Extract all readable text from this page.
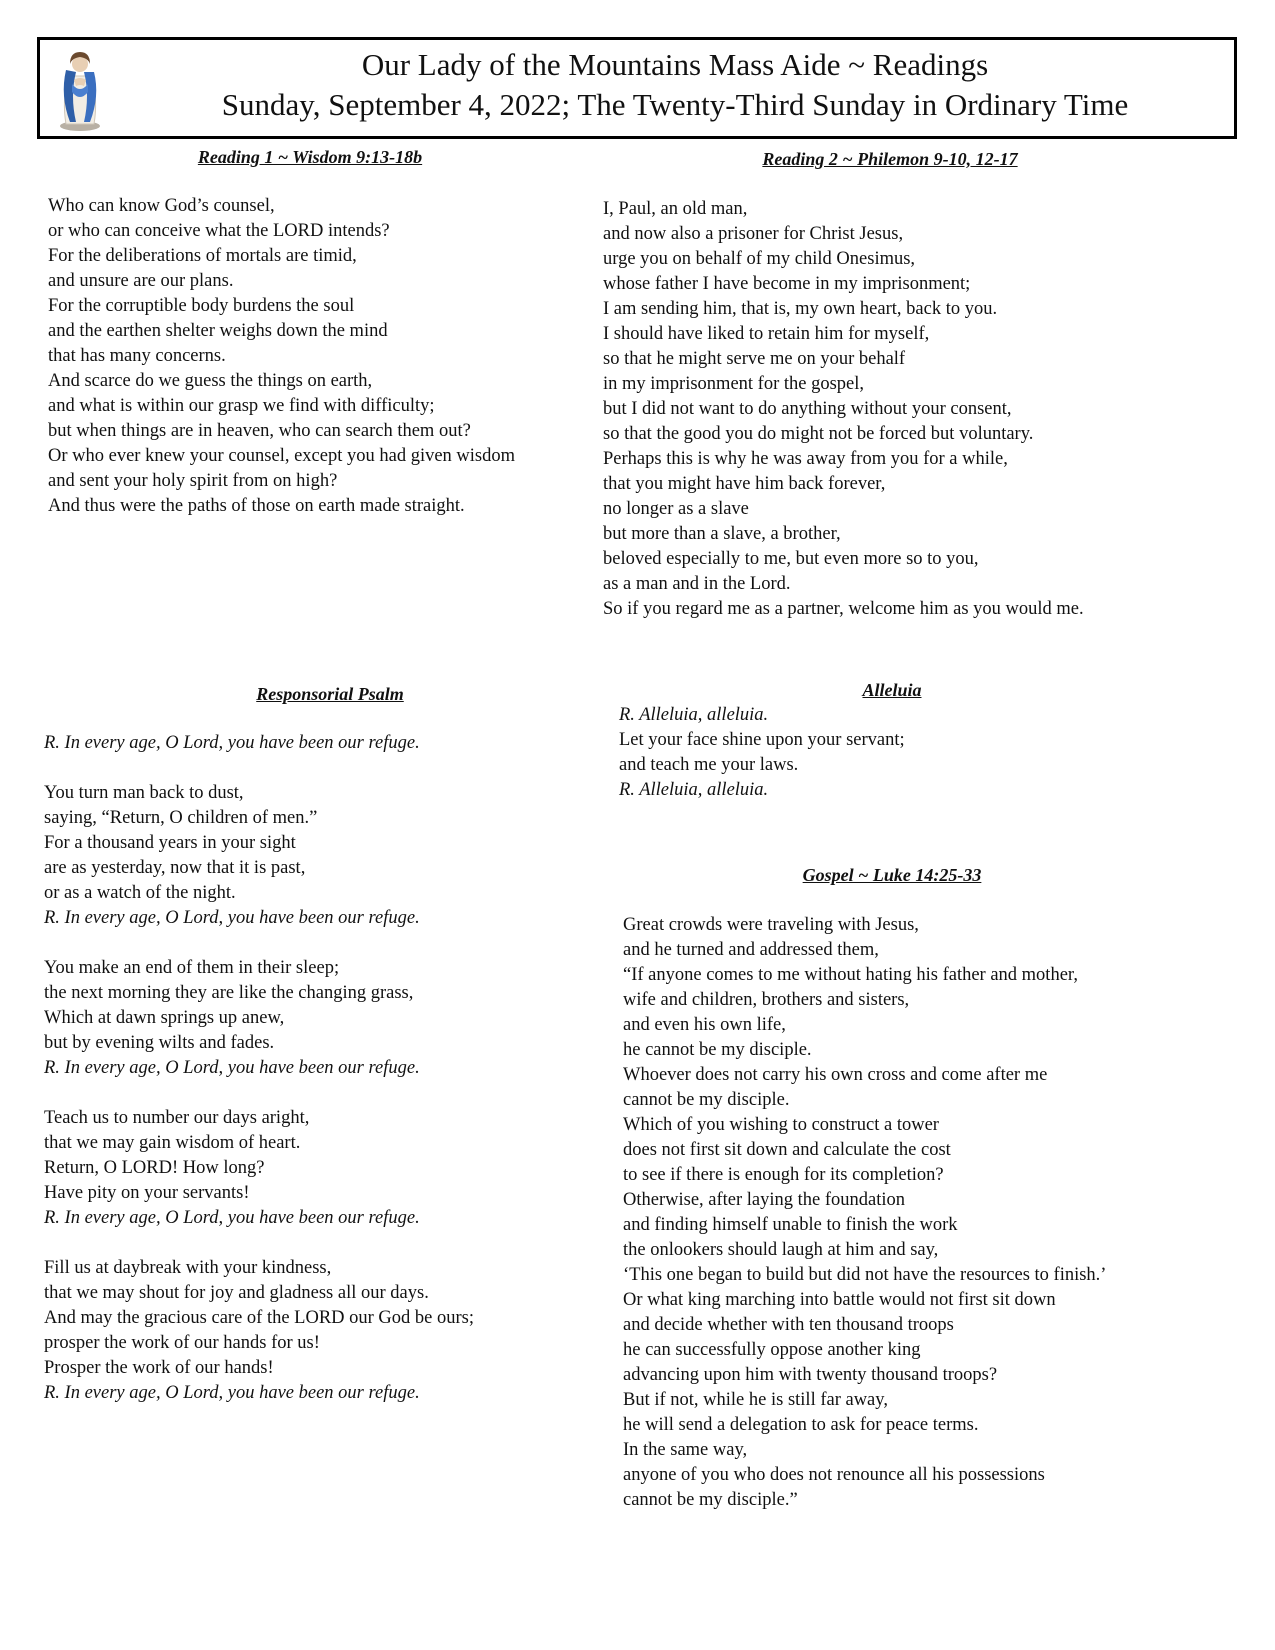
Our Lady of the Mountains Mass Aide ~ Readings
Sunday, September 4, 2022; The Twenty-Third Sunday in Ordinary Time
Reading 1 ~ Wisdom 9:13-18b
Who can know God’s counsel,
or who can conceive what the LORD intends?
For the deliberations of mortals are timid,
and unsure are our plans.
For the corruptible body burdens the soul
and the earthen shelter weighs down the mind
that has many concerns.
And scarce do we guess the things on earth,
and what is within our grasp we find with difficulty;
but when things are in heaven, who can search them out?
Or who ever knew your counsel, except you had given wisdom
and sent your holy spirit from on high?
And thus were the paths of those on earth made straight.
Reading 2 ~ Philemon 9-10, 12-17
I, Paul, an old man,
and now also a prisoner for Christ Jesus,
urge you on behalf of my child Onesimus,
whose father I have become in my imprisonment;
I am sending him, that is, my own heart, back to you.
I should have liked to retain him for myself,
so that he might serve me on your behalf
in my imprisonment for the gospel,
but I did not want to do anything without your consent,
so that the good you do might not be forced but voluntary.
Perhaps this is why he was away from you for a while,
that you might have him back forever,
no longer as a slave
but more than a slave, a brother,
beloved especially to me, but even more so to you,
as a man and in the Lord.
So if you regard me as a partner, welcome him as you would me.
Responsorial Psalm
R. In every age, O Lord, you have been our refuge.
You turn man back to dust,
saying, “Return, O children of men.”
For a thousand years in your sight
are as yesterday, now that it is past,
or as a watch of the night.
R. In every age, O Lord, you have been our refuge.
You make an end of them in their sleep;
the next morning they are like the changing grass,
Which at dawn springs up anew,
but by evening wilts and fades.
R. In every age, O Lord, you have been our refuge.
Teach us to number our days aright,
that we may gain wisdom of heart.
Return, O LORD! How long?
Have pity on your servants!
R. In every age, O Lord, you have been our refuge.
Fill us at daybreak with your kindness,
that we may shout for joy and gladness all our days.
And may the gracious care of the LORD our God be ours;
prosper the work of our hands for us!
Prosper the work of our hands!
R. In every age, O Lord, you have been our refuge.
Alleluia
R. Alleluia, alleluia.
Let your face shine upon your servant;
and teach me your laws.
R. Alleluia, alleluia.
Gospel ~ Luke 14:25-33
Great crowds were traveling with Jesus,
and he turned and addressed them,
“If anyone comes to me without hating his father and mother,
wife and children, brothers and sisters,
and even his own life,
he cannot be my disciple.
Whoever does not carry his own cross and come after me
cannot be my disciple.
Which of you wishing to construct a tower
does not first sit down and calculate the cost
to see if there is enough for its completion?
Otherwise, after laying the foundation
and finding himself unable to finish the work
the onlookers should laugh at him and say,
‘This one began to build but did not have the resources to finish.’
Or what king marching into battle would not first sit down
and decide whether with ten thousand troops
he can successfully oppose another king
advancing upon him with twenty thousand troops?
But if not, while he is still far away,
he will send a delegation to ask for peace terms.
In the same way,
anyone of you who does not renounce all his possessions
cannot be my disciple.”
